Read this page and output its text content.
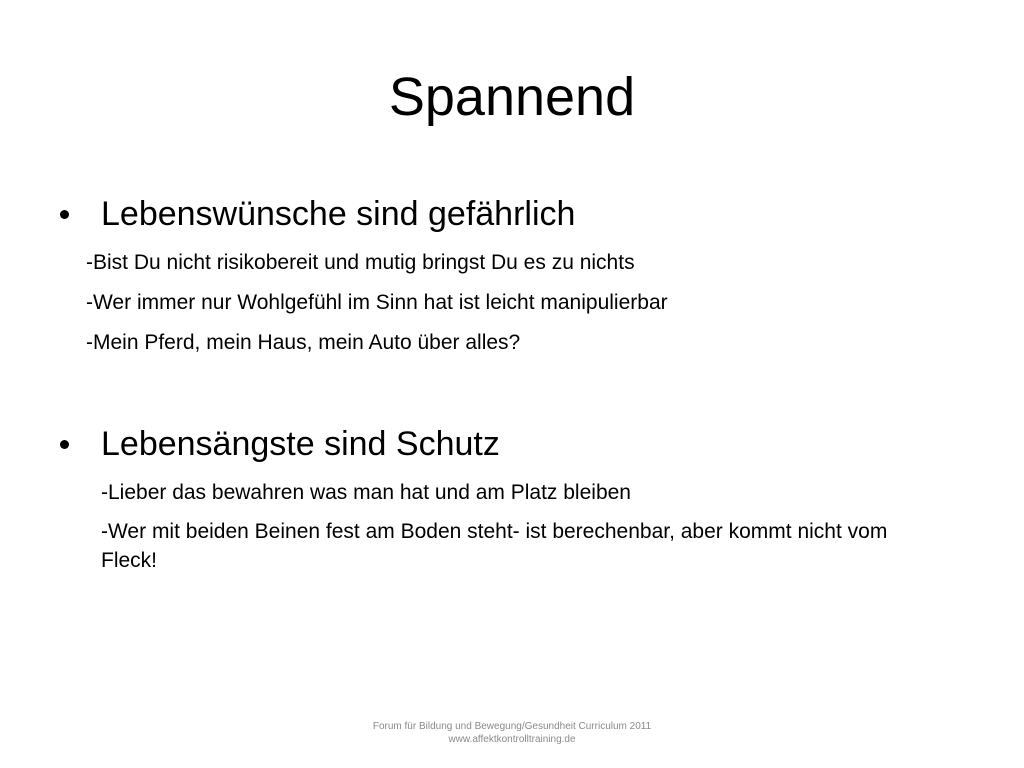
Spannend
Lebenswünsche sind gefährlich
-Bist Du nicht risikobereit und mutig bringst Du es zu nichts
-Wer immer nur Wohlgefühl im Sinn hat ist leicht manipulierbar
-Mein Pferd, mein Haus, mein Auto über alles?
Lebensängste sind Schutz
-Lieber das bewahren was man hat und am Platz bleiben
-Wer mit beiden Beinen fest am Boden steht- ist berechenbar, aber kommt nicht vom Fleck!
Forum für Bildung und Bewegung/Gesundheit Curriculum 2011
www.affektkontrolltraining.de
